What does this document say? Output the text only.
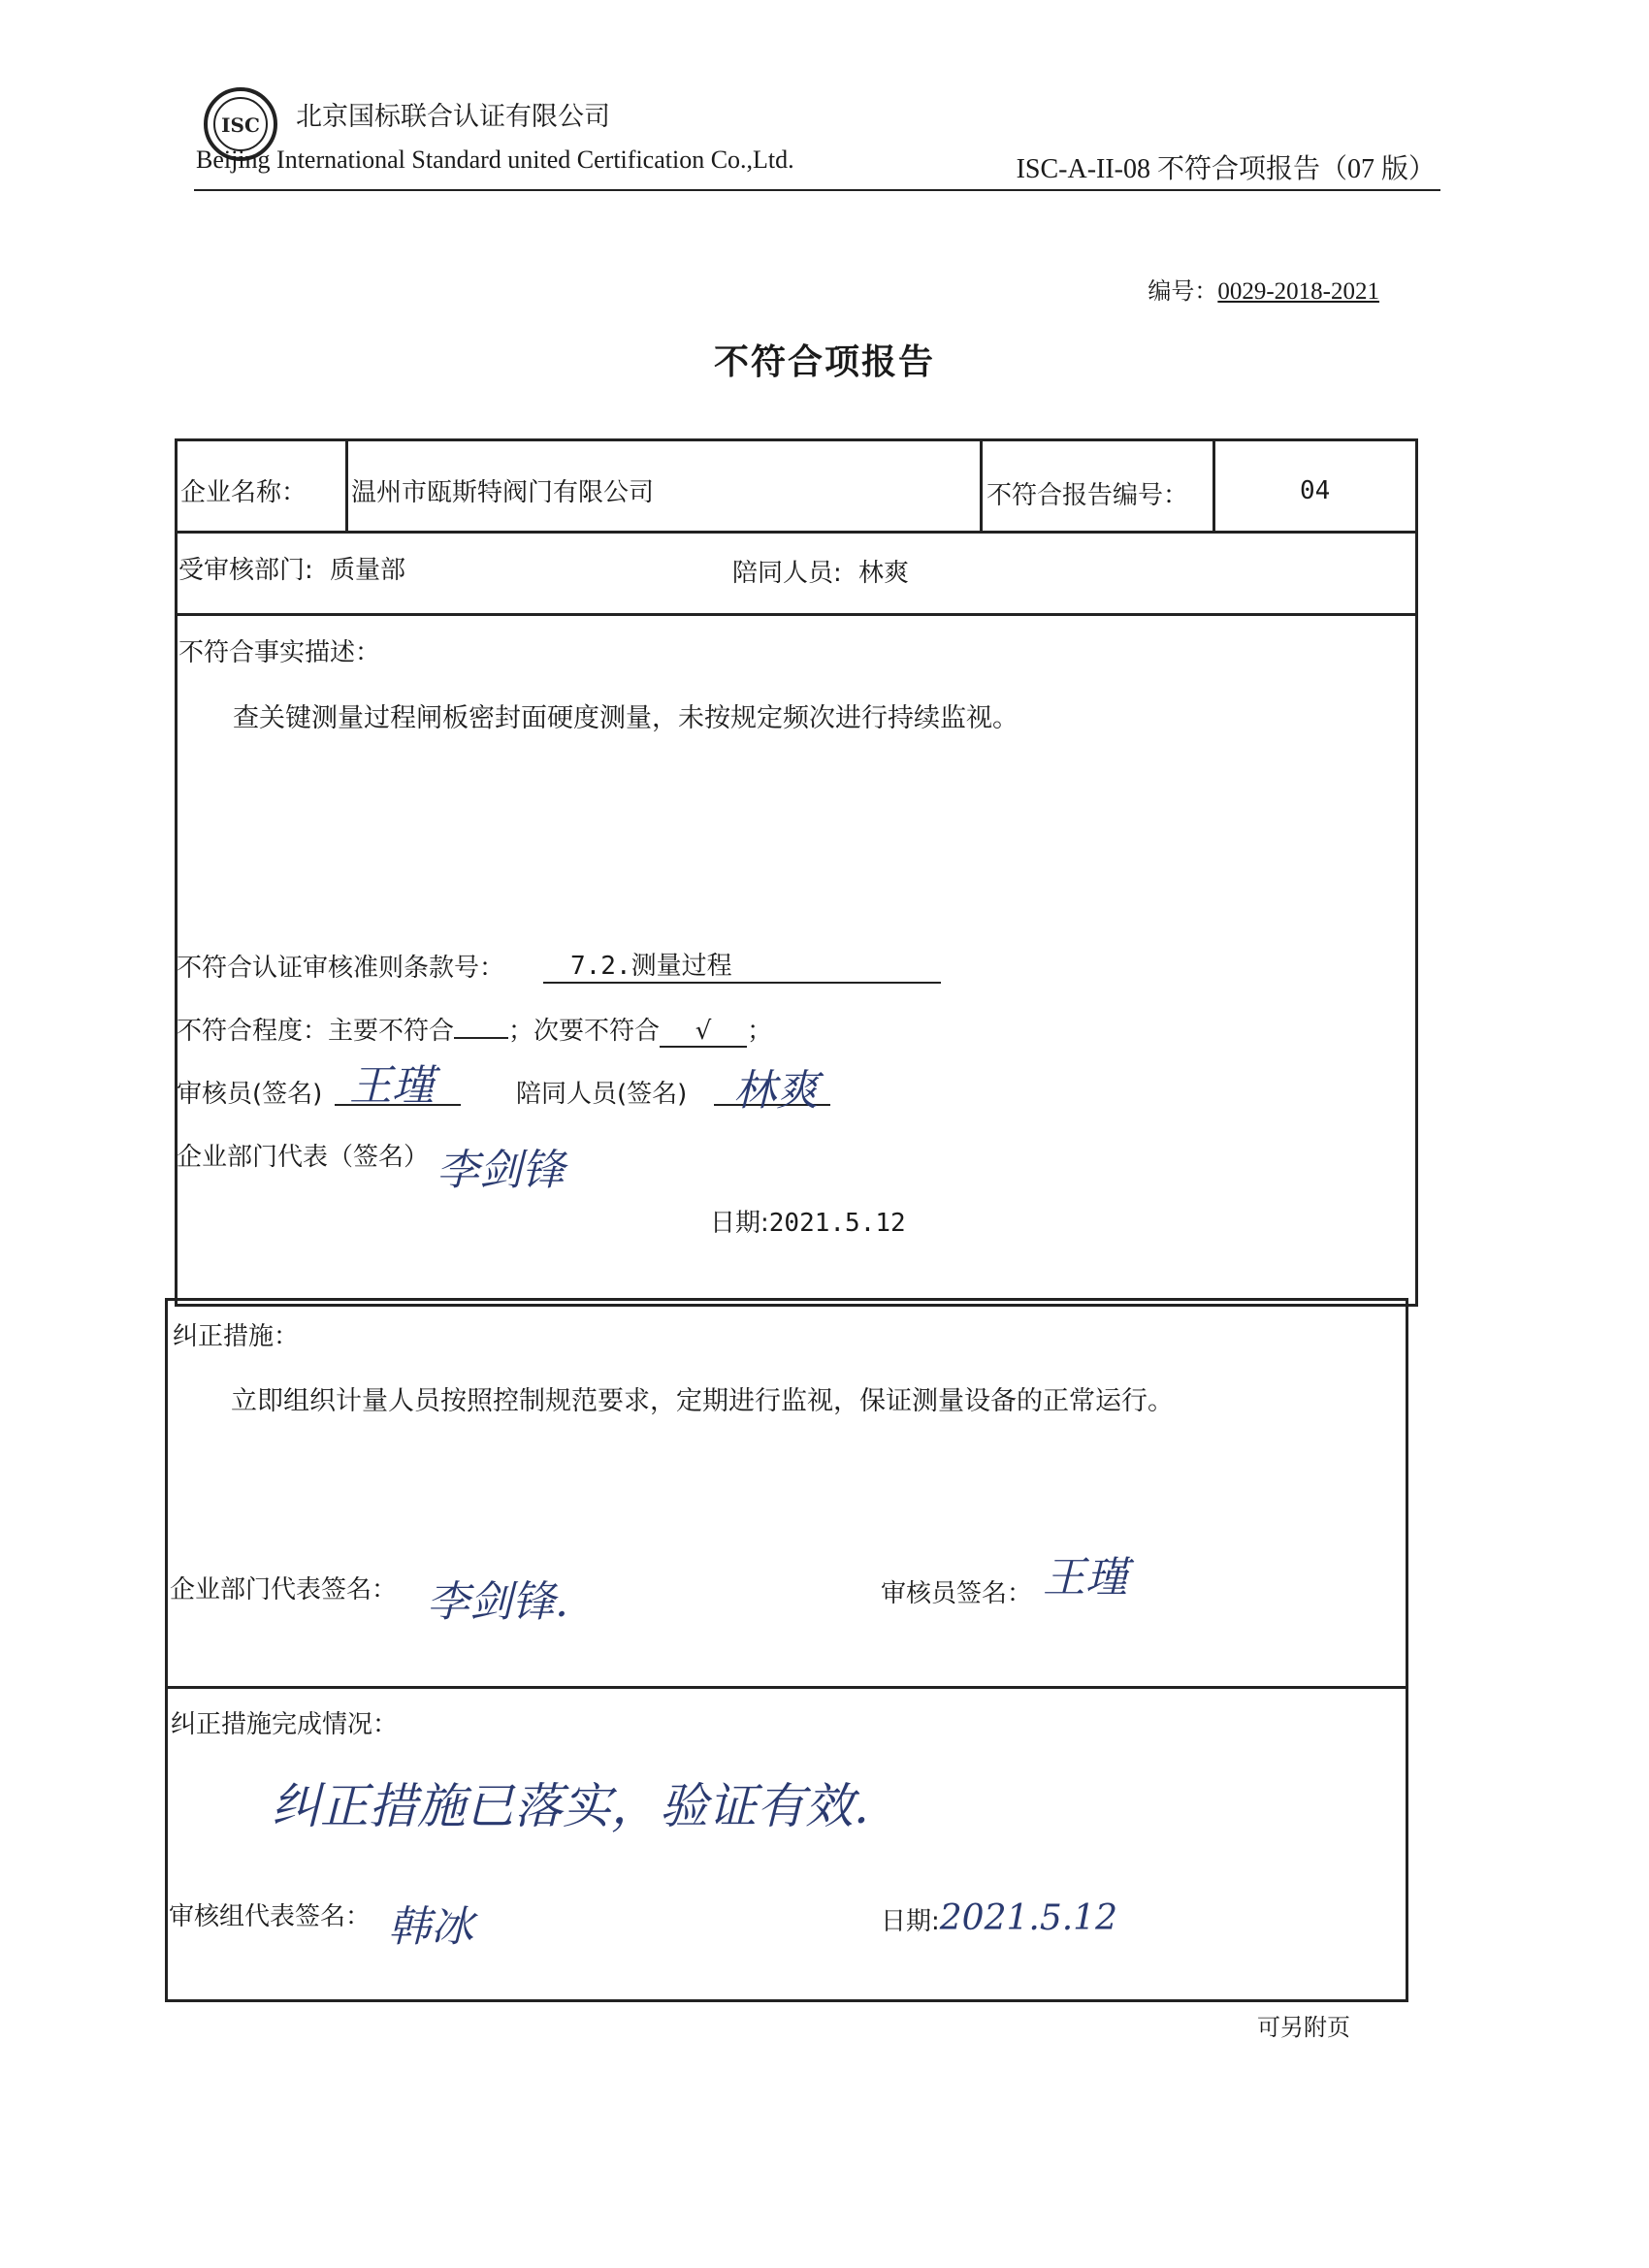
ISC 北京国标联合认证有限公司
Beijing International Standard united Certification Co.,Ltd.	ISC-A-II-08 不符合项报告（07 版）
编号：0029-2018-2021
不符合项报告
企业名称： 温州市瓯斯特阀门有限公司	不符合报告编号：	04
受审核部门: 质量部	陪同人员: 林爽
不符合事实描述：
查关键测量过程闸板密封面硬度测量，未按规定频次进行持续监视。
不符合认证审核准则条款号：	7.2.测量过程
不符合程度：主要不符合 ；次要不符合 √ ；
审核员(签名) 王瑾	陪同人员(签名) 林爽
企业部门代表（签名） 李剑锋
日期:2021.5.12
纠正措施：
立即组织计量人员按照控制规范要求，定期进行监视，保证测量设备的正常运行。
企业部门代表签名： 李剑锋.	审核员签名： 王瑾
纠正措施完成情况：
纠正措施已落实，验证有效.
审核组代表签名： 韩冰	日期:2021.5.12
可另附页
